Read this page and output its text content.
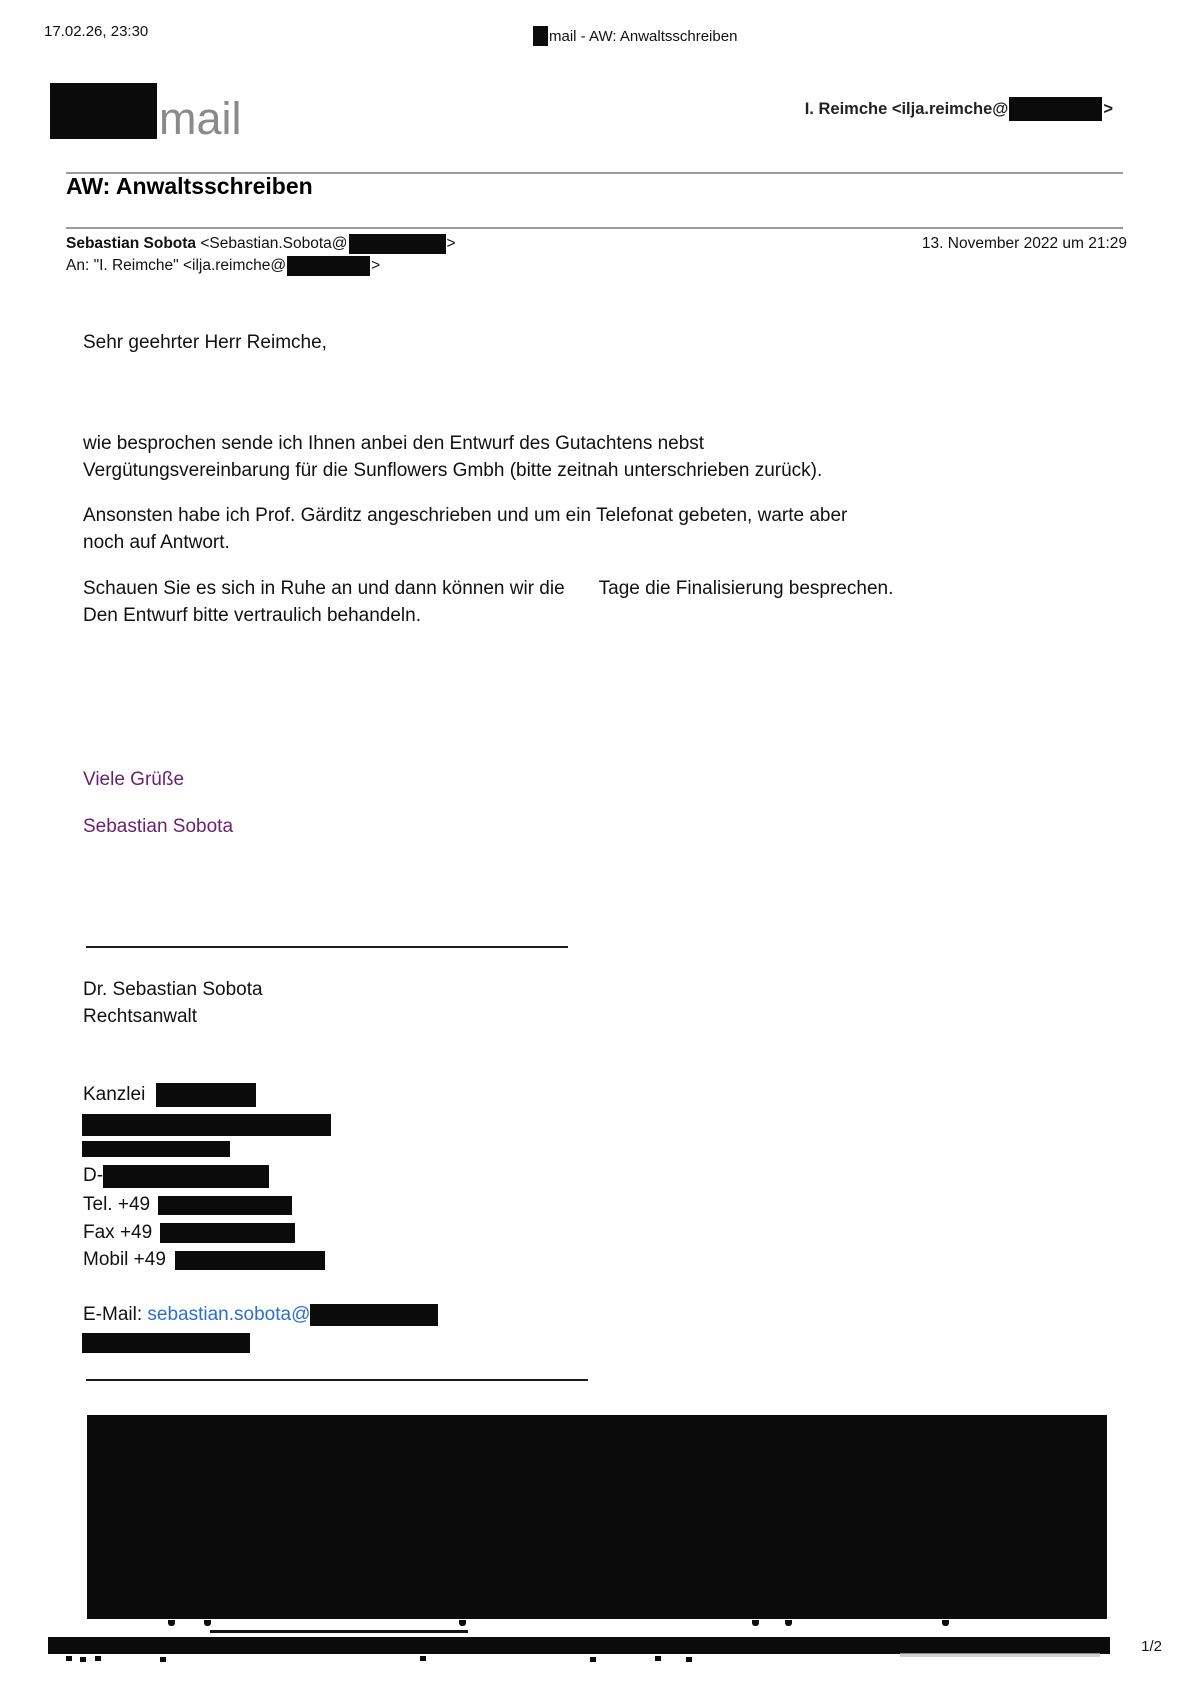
17.02.26, 23:30	mail - AW: Anwaltsschreiben
mail	I. Reimche <ilja.reimche@	>
AW: Anwaltsschreiben
Sebastian Sobota <Sebastian.Sobota@	>	13. November 2022 um 21:29
An: "I. Reimche" <ilja.reimche@	>
Sehr geehrter Herr Reimche,
wie besprochen sende ich Ihnen anbei den Entwurf des Gutachtens nebst
Vergütungsvereinbarung für die Sunflowers Gmbh (bitte zeitnah unterschrieben zurück).
Ansonsten habe ich Prof. Gärditz angeschrieben und um ein Telefonat gebeten, warte aber
noch auf Antwort.
Schauen Sie es sich in Ruhe an und dann können wir die Tage die Finalisierung besprechen.
Den Entwurf bitte vertraulich behandeln.
Viele Grüße
Sebastian Sobota
Dr. Sebastian Sobota
Rechtsanwalt
Kanzlei
D-
Tel. +49
Fax +49
Mobil +49
E-Mail: sebastian.sobota@
1/2
